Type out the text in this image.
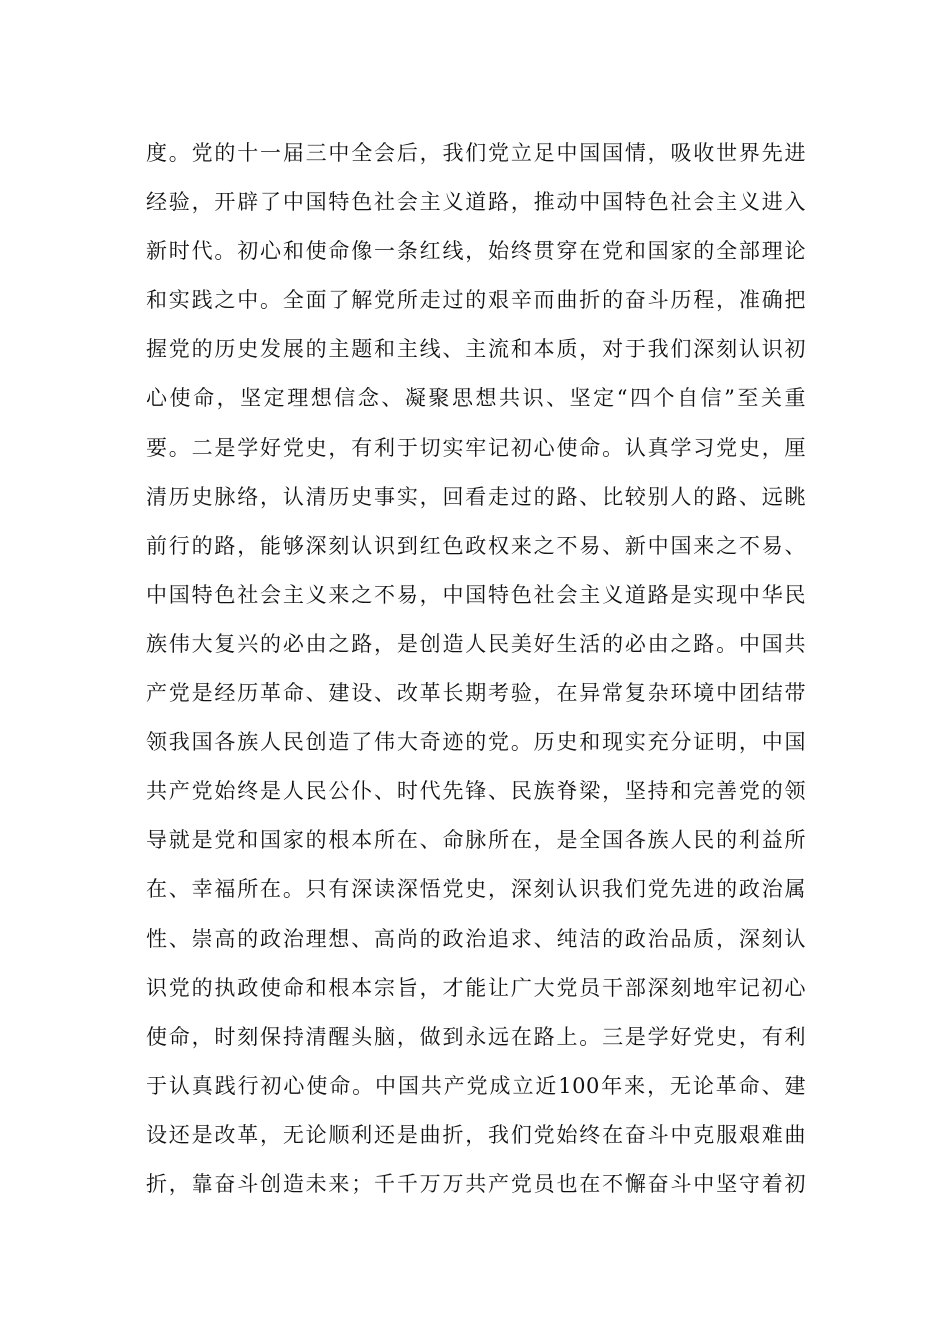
度。党的十一届三中全会后，我们党立足中国国情，吸收世界先进
经验，开辟了中国特色社会主义道路，推动中国特色社会主义进入
新时代。初心和使命像一条红线，始终贯穿在党和国家的全部理论
和实践之中。全面了解党所走过的艰辛而曲折的奋斗历程，准确把
握党的历史发展的主题和主线、主流和本质，对于我们深刻认识初
心使命，坚定理想信念、凝聚思想共识、坚定“四个自信”至关重
要。二是学好党史，有利于切实牢记初心使命。认真学习党史，厘
清历史脉络，认清历史事实，回看走过的路、比较别人的路、远眺
前行的路，能够深刻认识到红色政权来之不易、新中国来之不易、
中国特色社会主义来之不易，中国特色社会主义道路是实现中华民
族伟大复兴的必由之路，是创造人民美好生活的必由之路。中国共
产党是经历革命、建设、改革长期考验，在异常复杂环境中团结带
领我国各族人民创造了伟大奇迹的党。历史和现实充分证明，中国
共产党始终是人民公仆、时代先锋、民族脊梁，坚持和完善党的领
导就是党和国家的根本所在、命脉所在，是全国各族人民的利益所
在、幸福所在。只有深读深悟党史，深刻认识我们党先进的政治属
性、崇高的政治理想、高尚的政治追求、纯洁的政治品质，深刻认
识党的执政使命和根本宗旨，才能让广大党员干部深刻地牢记初心
使命，时刻保持清醒头脑，做到永远在路上。三是学好党史，有利
于认真践行初心使命。中国共产党成立近100年来，无论革命、建
设还是改革，无论顺利还是曲折，我们党始终在奋斗中克服艰难曲
折，靠奋斗创造未来；千千万万共产党员也在不懈奋斗中坚守着初
